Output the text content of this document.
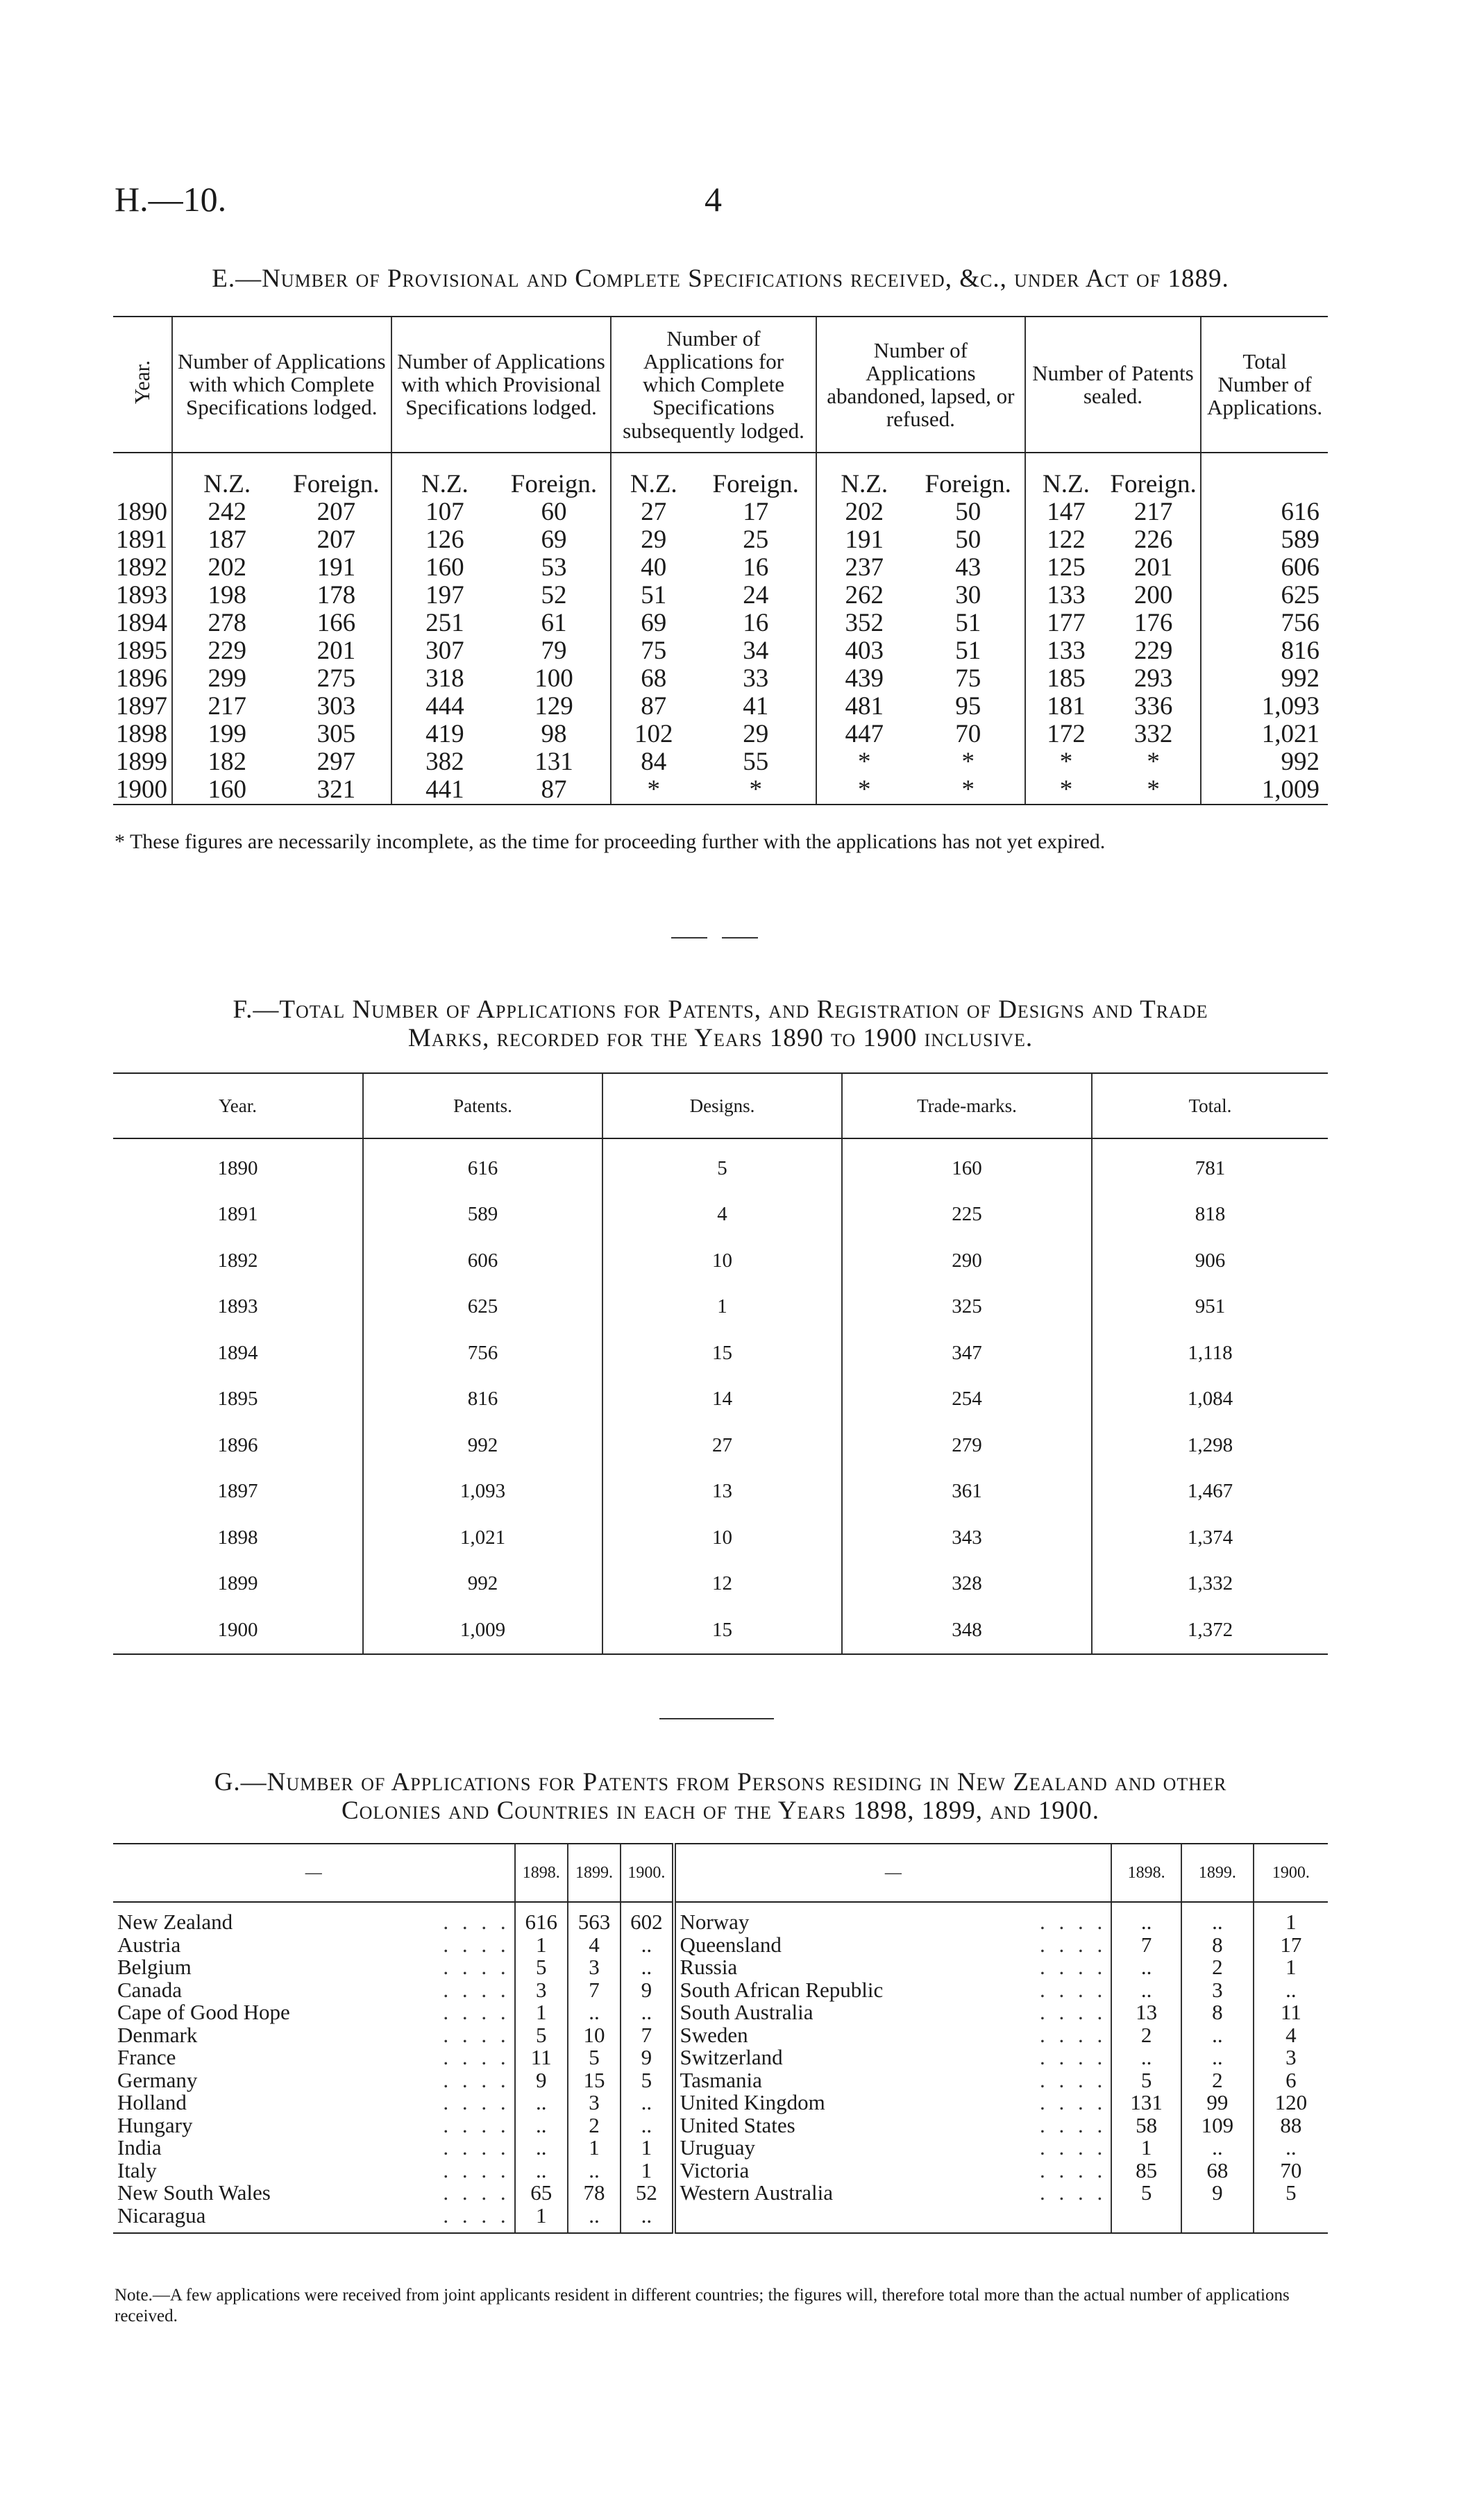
H.—10.	4
E.—Number of Provisional and Complete Specifications received, &c., under Act of 1889.
Year.	Number of Applications with which Complete Specifications lodged.		Number of Applications with which Provisional Specifications lodged.		Number of Applications for which Complete Specifications subsequently lodged.		Number of Applications abandoned, lapsed, or refused.		Number of Patents sealed.		Total Number of Applications.
	N.Z.	Foreign.	N.Z.	Foreign.	N.Z.	Foreign.	N.Z.	Foreign.	N.Z.	Foreign.	
1890	242	207	107	60	27	17	202	50	147	217	616
1891	187	207	126	69	29	25	191	50	122	226	589
1892	202	191	160	53	40	16	237	43	125	201	606
1893	198	178	197	52	51	24	262	30	133	200	625
1894	278	166	251	61	69	16	352	51	177	176	756
1895	229	201	307	79	75	34	403	51	133	229	816
1896	299	275	318	100	68	33	439	75	185	293	992
1897	217	303	444	129	87	41	481	95	181	336	1,093
1898	199	305	419	98	102	29	447	70	172	332	1,021
1899	182	297	382	131	84	55	*	*	*	*	992
1900	160	321	441	87	*	*	*	*	*	*	1,009
* These figures are necessarily incomplete, as the time for proceeding further with the applications has not yet expired.
F.—Total Number of Applications for Patents, and Registration of Designs and Trade
Marks, recorded for the Years 1890 to 1900 inclusive.
Year.	Patents.	Designs.	Trade-marks.	Total.
1890	616	5	160	781
1891	589	4	225	818
1892	606	10	290	906
1893	625	1	325	951
1894	756	15	347	1,118
1895	816	14	254	1,084
1896	992	27	279	1,298
1897	1,093	13	361	1,467
1898	1,021	10	343	1,374
1899	992	12	328	1,332
1900	1,009	15	348	1,372
G.—Number of Applications for Patents from Persons residing in New Zealand and other
Colonies and Countries in each of the Years 1898, 1899, and 1900.
—		1898.	1899.	1900.	—		1898.	1899.	1900.
New Zealand	. . . .	616	563	602	Norway	. . . .	..	..	1
Austria	. . . .	1	4	..	Queensland	. . . .	7	8	17
Belgium	. . . .	5	3	..	Russia	. . . .	..	2	1
Canada	. . . .	3	7	9	South African Republic	. . . .	..	3	..
Cape of Good Hope	. . . .	1	..	..	South Australia	. . . .	13	8	11
Denmark	. . . .	5	10	7	Sweden	. . . .	2	..	4
France	. . . .	11	5	9	Switzerland	. . . .	..	..	3
Germany	. . . .	9	15	5	Tasmania	. . . .	5	2	6
Holland	. . . .	..	3	..	United Kingdom	. . . .	131	99	120
Hungary	. . . .	..	2	..	United States	. . . .	58	109	88
India	. . . .	..	1	1	Uruguay	. . . .	1	..	..
Italy	. . . .	..	..	1	Victoria	. . . .	85	68	70
New South Wales	. . . .	65	78	52	Western Australia	. . . .	5	9	5
Nicaragua	. . . .	1	..	..					
Note.—A few applications were received from joint applicants resident in different countries; the figures will, therefore total more than the actual number of applications received.
